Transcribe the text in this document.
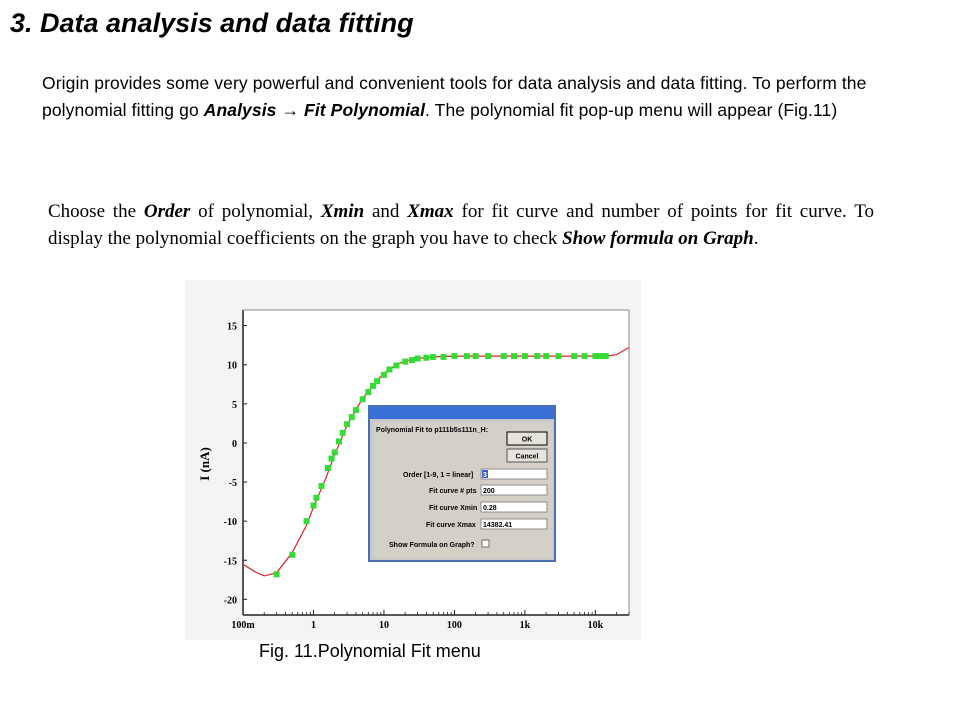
3. Data analysis and data fitting
Origin provides some very powerful and convenient tools for data analysis and data fitting. To perform the polynomial fitting go Analysis → Fit Polynomial. The polynomial fit pop-up menu will appear (Fig.11)
Choose the Order of polynomial, Xmin and Xmax for fit curve and number of points for fit curve. To display the polynomial coefficients on the graph you have to check Show formula on Graph.
15
10
5
0
-5
-10
-15
-20
100m	1	10	100	1k	10k
I (nA)
Polynomial Fit to p111b5s111n_H:
OK
Cancel
Order [1-9, 1 = linear] 3
Fit curve # pts 200
Fit curve Xmin 0.28
Fit curve Xmax 14382.41
Show Formula on Graph?
Fig. 11.Polynomial Fit menu
